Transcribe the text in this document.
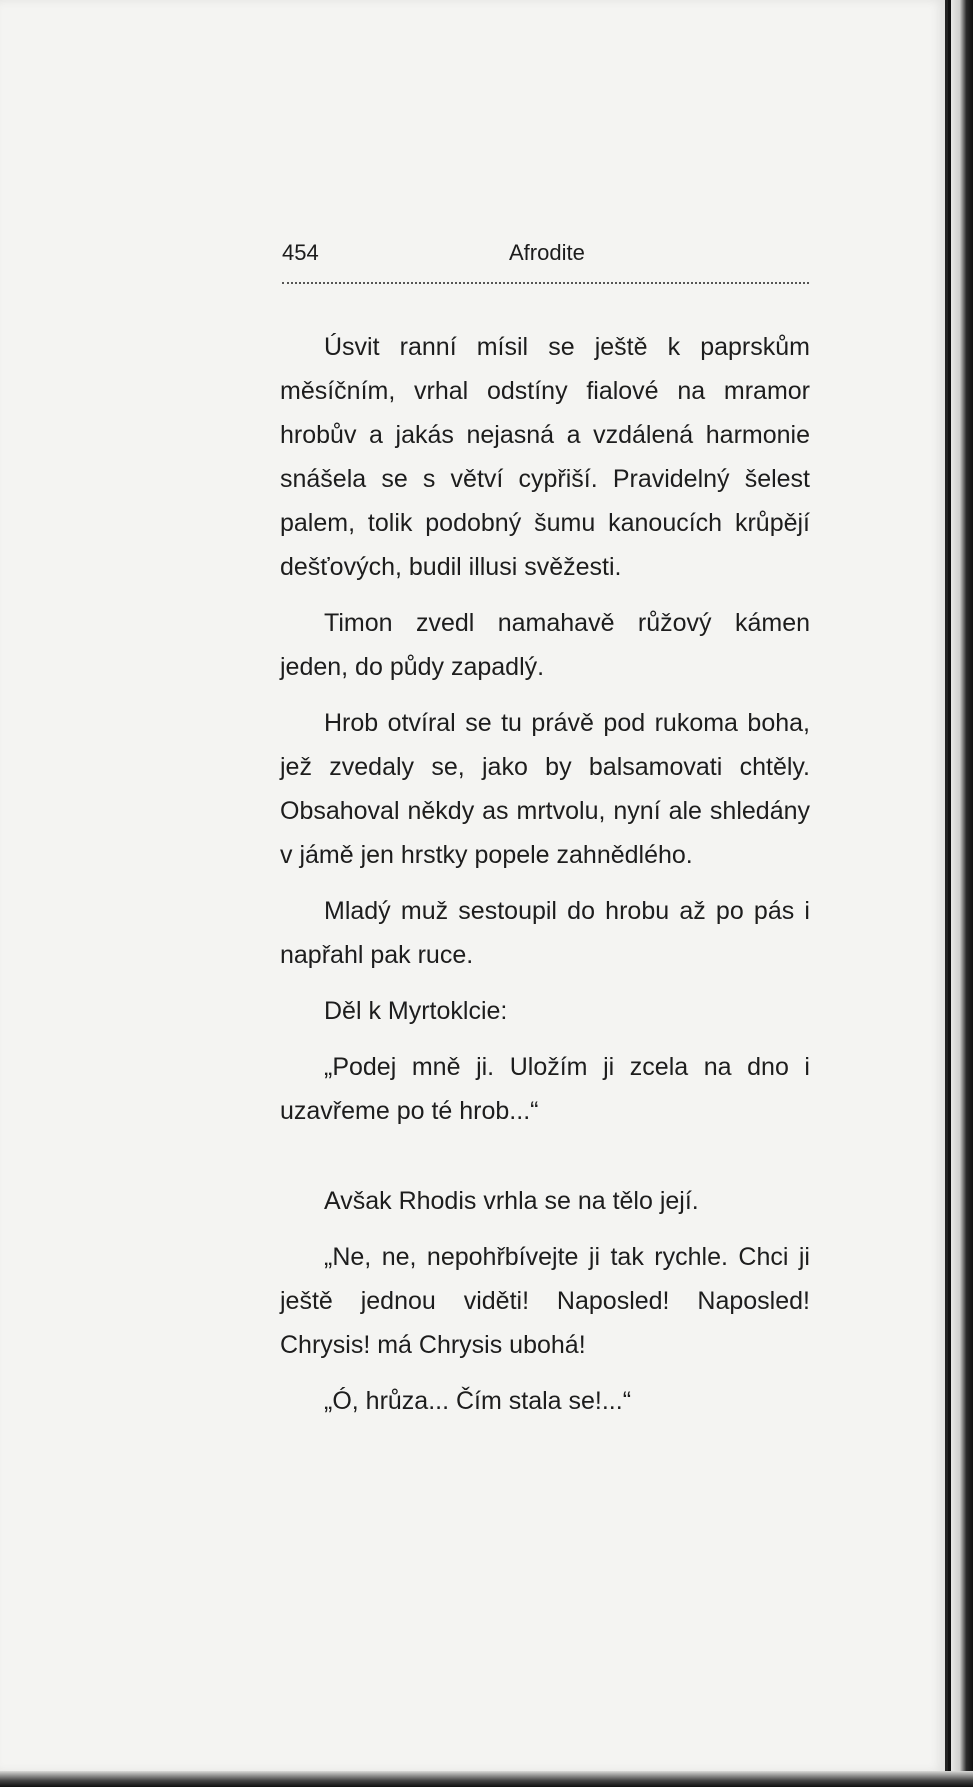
454	Afrodite

Úsvit ranní mísil se ještě k paprskům měsíčním, vrhal odstíny fialové na mramor hrobův a jakás nejasná a vzdálená harmonie snášela se s větví cypřiší. Pravidelný šelest palem, tolik podobný šumu kanoucích krůpějí dešťových, budil illusi svěžesti.

Timon zvedl namahavě růžový kámen jeden, do půdy zapadlý.

Hrob otvíral se tu právě pod rukoma boha, jež zvedaly se, jako by balsamovati chtěly. Obsahoval někdy as mrtvolu, nyní ale shledány v jámě jen hrstky popele zahnědlého.

Mladý muž sestoupil do hrobu až po pás i napřahl pak ruce.

Děl k Myrtoklcie:

„Podej mně ji. Uložím ji zcela na dno i uzavřeme po té hrob...“

Avšak Rhodis vrhla se na tělo její.

„Ne, ne, nepohřbívejte ji tak rychle. Chci ji ještě jednou viděti! Naposled! Naposled! Chrysis! má Chrysis ubohá!

„Ó, hrůza... Čím stala se!...“
